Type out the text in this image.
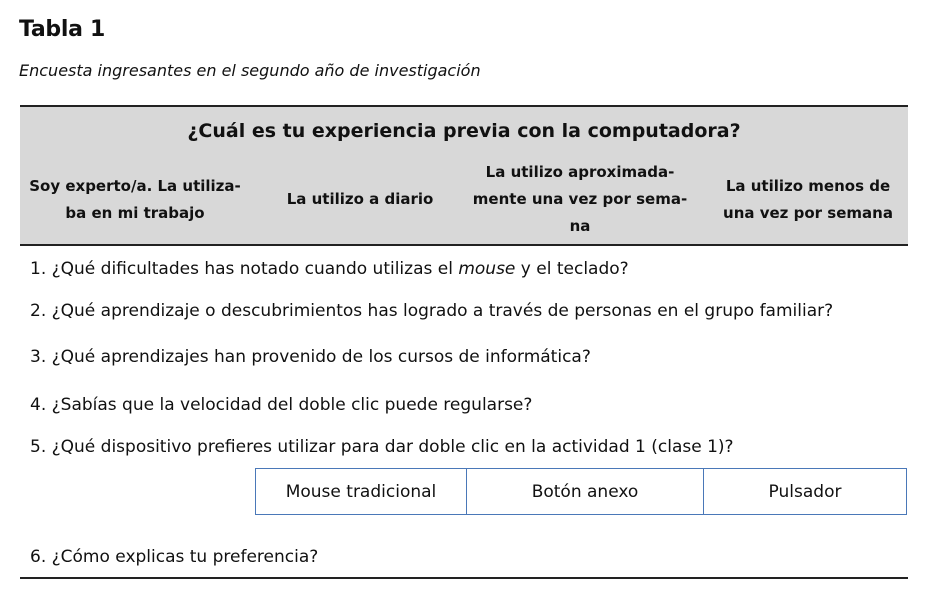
Tabla 1
Encuesta ingresantes en el segundo año de investigación
¿Cuál es tu experiencia previa con la computadora?
Soy experto/a. La utiliza-
ba en mi trabajo
La utilizo a diario
La utilizo aproximada-
mente una vez por sema-
na
La utilizo menos de
una vez por semana
1. ¿Qué dificultades has notado cuando utilizas el mouse y el teclado?
2. ¿Qué aprendizaje o descubrimientos has logrado a través de personas en el grupo familiar?
3. ¿Qué aprendizajes han provenido de los cursos de informática?
4. ¿Sabías que la velocidad del doble clic puede regularse?
5. ¿Qué dispositivo prefieres utilizar para dar doble clic en la actividad 1 (clase 1)?
Mouse tradicional	Botón anexo	Pulsador
6. ¿Cómo explicas tu preferencia?
